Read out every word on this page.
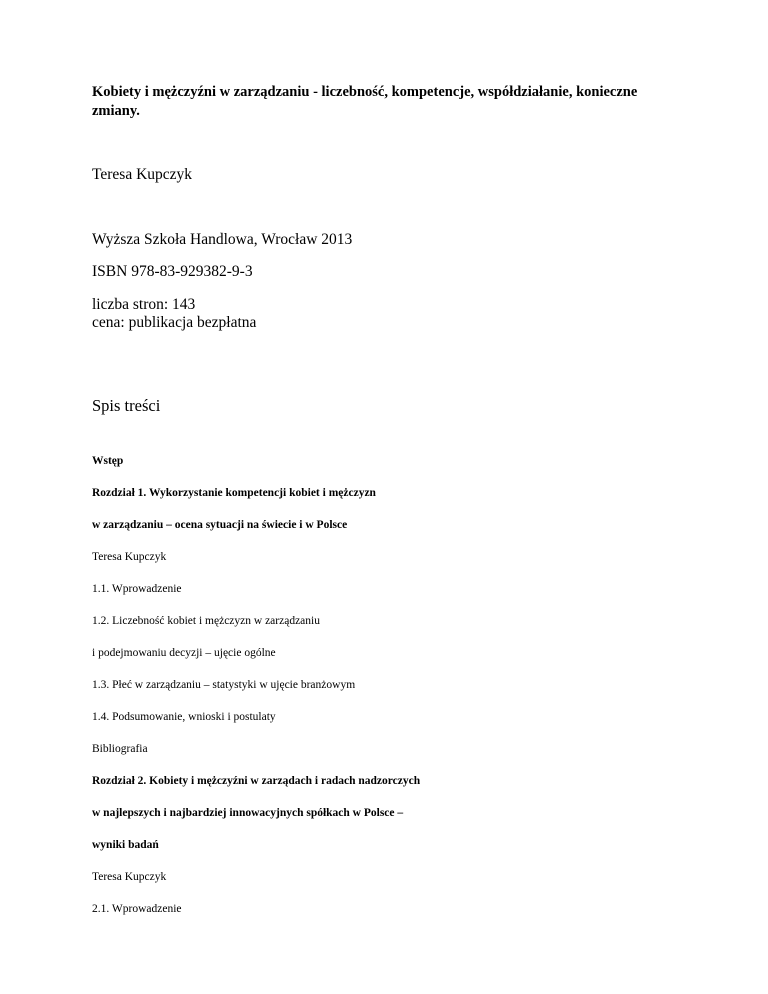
Kobiety i mężczyźni w zarządzaniu - liczebność, kompetencje, współdziałanie, konieczne

zmiany.

Teresa Kupczyk

Wyższa Szkoła Handlowa, Wrocław 2013

ISBN 978-83-929382-9-3

liczba stron: 143

cena: publikacja bezpłatna

Spis treści

Wstęp

Rozdział 1. Wykorzystanie kompetencji kobiet i mężczyzn

w zarządzaniu – ocena sytuacji na świecie i w Polsce

Teresa Kupczyk

1.1. Wprowadzenie

1.2. Liczebność kobiet i mężczyzn w zarządzaniu

i podejmowaniu decyzji – ujęcie ogólne

1.3. Płeć w zarządzaniu – statystyki w ujęcie branżowym

1.4. Podsumowanie, wnioski i postulaty

Bibliografia

Rozdział 2. Kobiety i mężczyźni w zarządach i radach nadzorczych

w najlepszych i najbardziej innowacyjnych spółkach w Polsce –

wyniki badań

Teresa Kupczyk

2.1. Wprowadzenie
